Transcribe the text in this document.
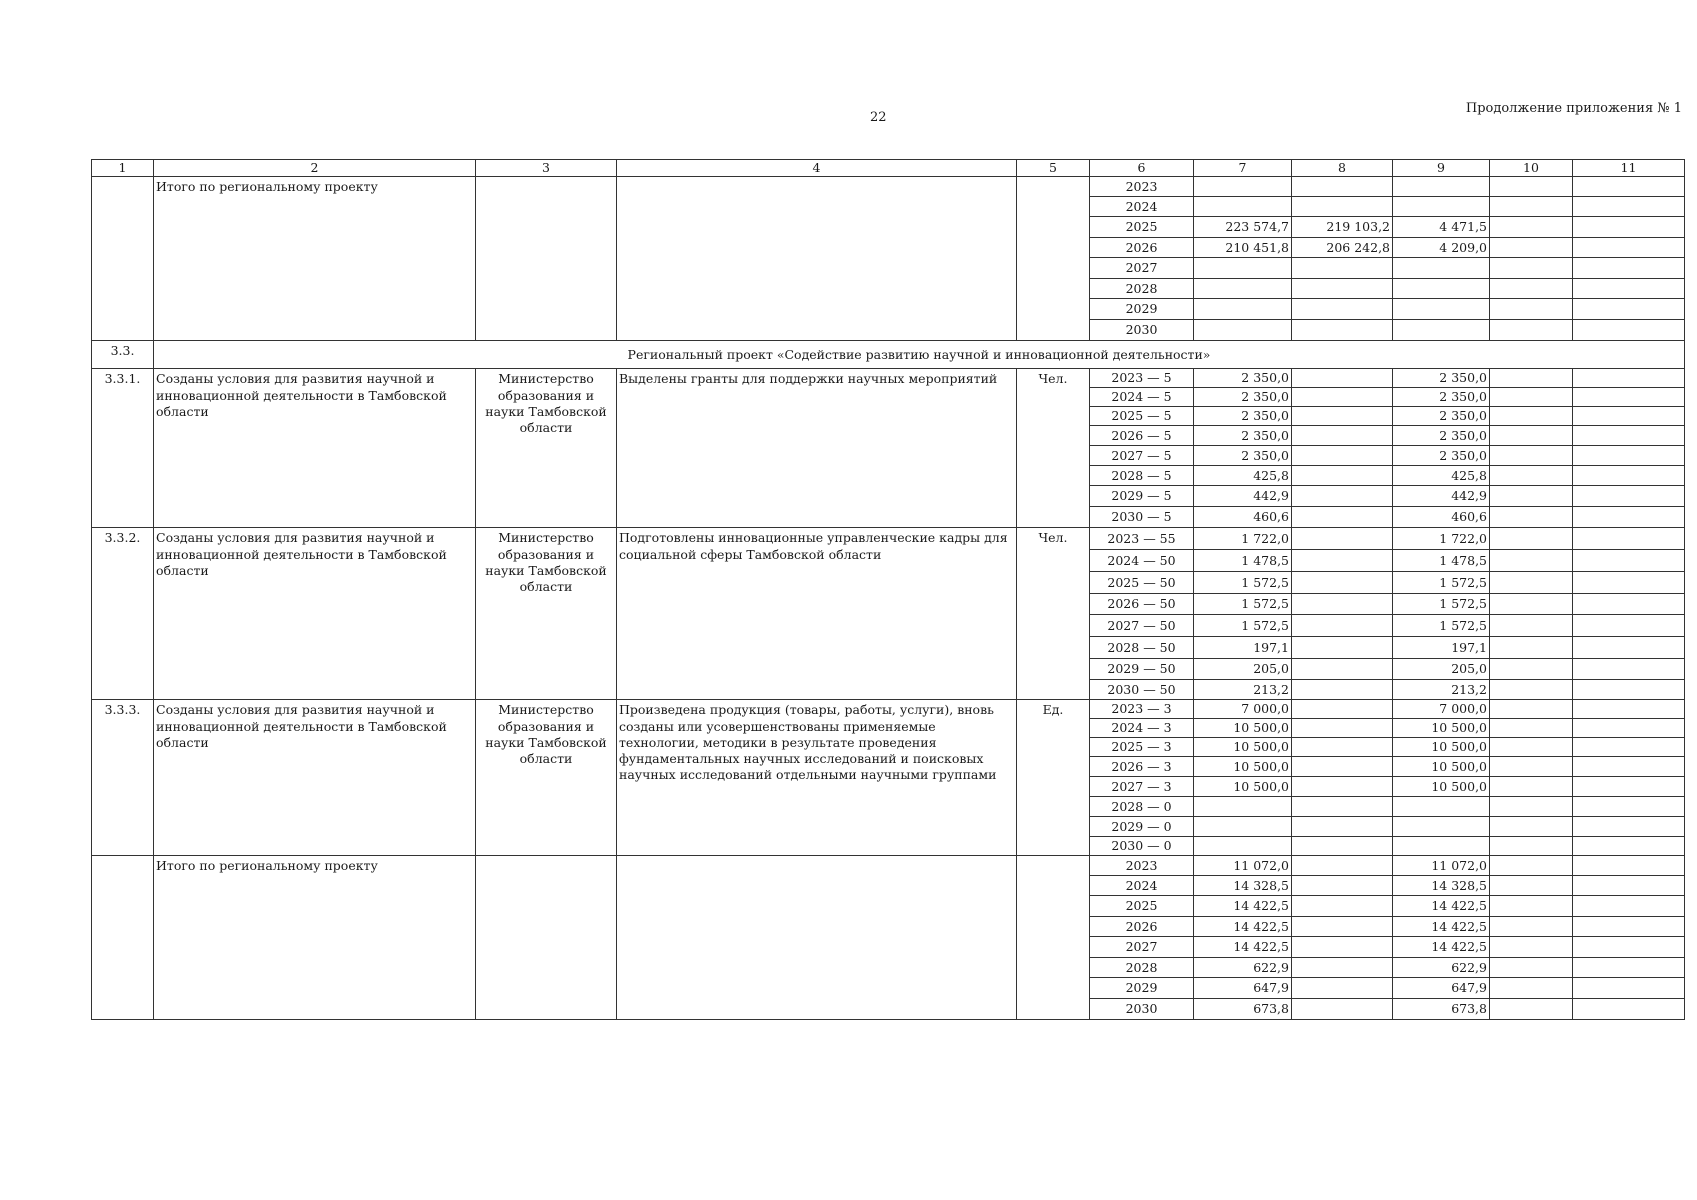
22
Продолжение приложения № 1
1	2	3	4	5	6	7	8	9	10	11
	Итого по региональному проекту				2023					
					2024					
					2025	223 574,7	219 103,2	4 471,5		
					2026	210 451,8	206 242,8	4 209,0		
					2027					
					2028					
					2029					
					2030					
3.3.	Региональный проект «Содействие развитию научной и инновационной деятельности»									
3.3.1.	Созданы условия для развития научной и инновационной деятельности в Тамбовской области	Министерство образования и науки Тамбовской области	Выделены гранты для поддержки научных мероприятий	Чел.	2023 — 5	2 350,0		2 350,0		
					2024 — 5	2 350,0		2 350,0		
					2025 — 5	2 350,0		2 350,0		
					2026 — 5	2 350,0		2 350,0		
					2027 — 5	2 350,0		2 350,0		
					2028 — 5	425,8		425,8		
					2029 — 5	442,9		442,9		
					2030 — 5	460,6		460,6		
3.3.2.	Созданы условия для развития научной и инновационной деятельности в Тамбовской области	Министерство образования и науки Тамбовской области	Подготовлены инновационные управленческие кадры для социальной сферы Тамбовской области	Чел.	2023 — 55	1 722,0		1 722,0		
					2024 — 50	1 478,5		1 478,5		
					2025 — 50	1 572,5		1 572,5		
					2026 — 50	1 572,5		1 572,5		
					2027 — 50	1 572,5		1 572,5		
					2028 — 50	197,1		197,1		
					2029 — 50	205,0		205,0		
					2030 — 50	213,2		213,2		
3.3.3.	Созданы условия для развития научной и инновационной деятельности в Тамбовской области	Министерство образования и науки Тамбовской области	Произведена продукция (товары, работы, услуги), вновь созданы или усовершенствованы применяемые технологии, методики в результате проведения фундаментальных научных исследований и поисковых научных исследований отдельными научными группами	Ед.	2023 — 3	7 000,0		7 000,0		
					2024 — 3	10 500,0		10 500,0		
					2025 — 3	10 500,0		10 500,0		
					2026 — 3	10 500,0		10 500,0		
					2027 — 3	10 500,0		10 500,0		
					2028 — 0					
					2029 — 0					
					2030 — 0					
	Итого по региональному проекту				2023	11 072,0		11 072,0		
					2024	14 328,5		14 328,5		
					2025	14 422,5		14 422,5		
					2026	14 422,5		14 422,5		
					2027	14 422,5		14 422,5		
					2028	622,9		622,9		
					2029	647,9		647,9		
					2030	673,8		673,8		
